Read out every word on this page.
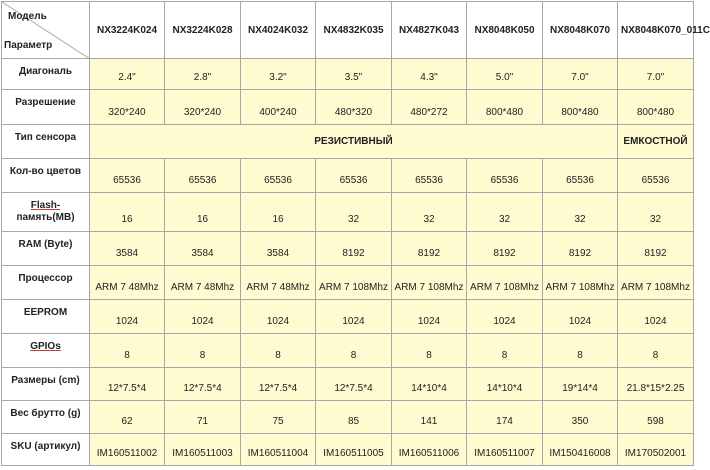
Модель
Параметр	NX3224K024	NX3224K028	NX4024K032	NX4832K035	NX4827K043	NX8048K050	NX8048K070	NX8048K070_011C
Диагональ	2.4"	2.8"	3.2"	3.5"	4.3"	5.0"	7.0"	7.0"
Разрешение	320*240	320*240	400*240	480*320	480*272	800*480	800*480	800*480
Тип сенсора	РЕЗИСТИВНЫЙ							ЕМКОСТНОЙ
Кол-во цветов	65536	65536	65536	65536	65536	65536	65536	65536
Flash-
память(MB)	16	16	16	32	32	32	32	32
RAM (Byte)	3584	3584	3584	8192	8192	8192	8192	8192
Процессор	ARM 7 48Mhz	ARM 7 48Mhz	ARM 7 48Mhz	ARM 7 108Mhz	ARM 7 108Mhz	ARM 7 108Mhz	ARM 7 108Mhz	ARM 7 108Mhz
EEPROM	1024	1024	1024	1024	1024	1024	1024	1024
GPIOs	8	8	8	8	8	8	8	8
Размеры (cm)	12*7.5*4	12*7.5*4	12*7.5*4	12*7.5*4	14*10*4	14*10*4	19*14*4	21.8*15*2.25
Вес брутто (g)	62	71	75	85	141	174	350	598
SKU (артикул)	IM160511002	IM160511003	IM160511004	IM160511005	IM160511006	IM160511007	IM150416008	IM170502001
